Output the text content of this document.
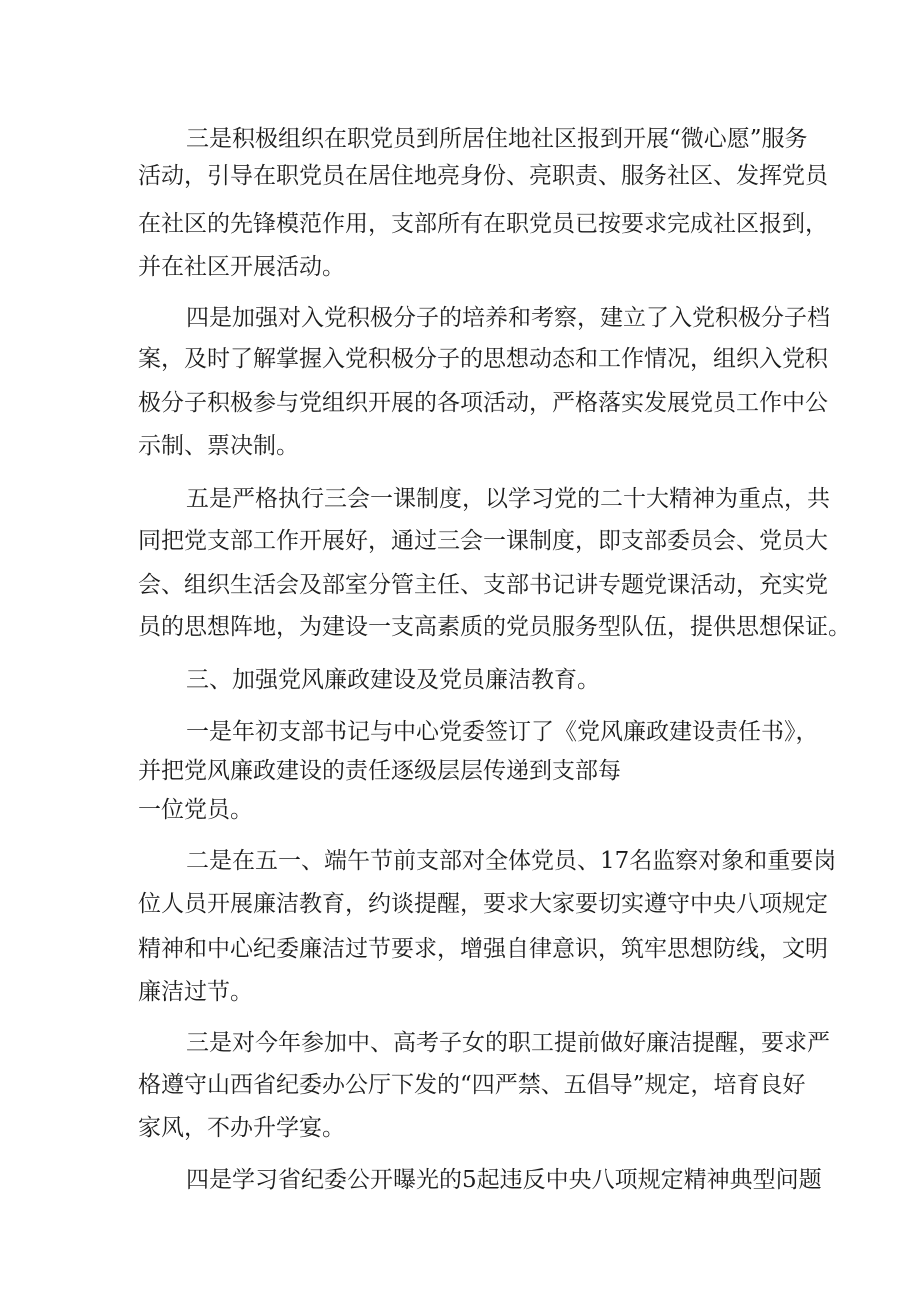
三是积极组织在职党员到所居住地社区报到开展“微心愿”服务
活动，引导在职党员在居住地亮身份、亮职责、服务社区、发挥党员
在社区的先锋模范作用，支部所有在职党员已按要求完成社区报到，
并在社区开展活动。
四是加强对入党积极分子的培养和考察，建立了入党积极分子档
案，及时了解掌握入党积极分子的思想动态和工作情况，组织入党积
极分子积极参与党组织开展的各项活动，严格落实发展党员工作中公
示制、票决制。
五是严格执行三会一课制度，以学习党的二十大精神为重点，共
同把党支部工作开展好，通过三会一课制度，即支部委员会、党员大
会、组织生活会及部室分管主任、支部书记讲专题党课活动，充实党
员的思想阵地，为建设一支高素质的党员服务型队伍，提供思想保证。
三、加强党风廉政建设及党员廉洁教育。
一是年初支部书记与中心党委签订了《党风廉政建设责任书》，
并把党风廉政建设的责任逐级层层传递到支部每
一位党员。
二是在五一、端午节前支部对全体党员、17名监察对象和重要岗
位人员开展廉洁教育，约谈提醒，要求大家要切实遵守中央八项规定
精神和中心纪委廉洁过节要求，增强自律意识，筑牢思想防线，文明
廉洁过节。
三是对今年参加中、高考子女的职工提前做好廉洁提醒，要求严
格遵守山西省纪委办公厅下发的“四严禁、五倡导”规定，培育良好
家风，不办升学宴。
四是学习省纪委公开曝光的5起违反中央八项规定精神典型问题
